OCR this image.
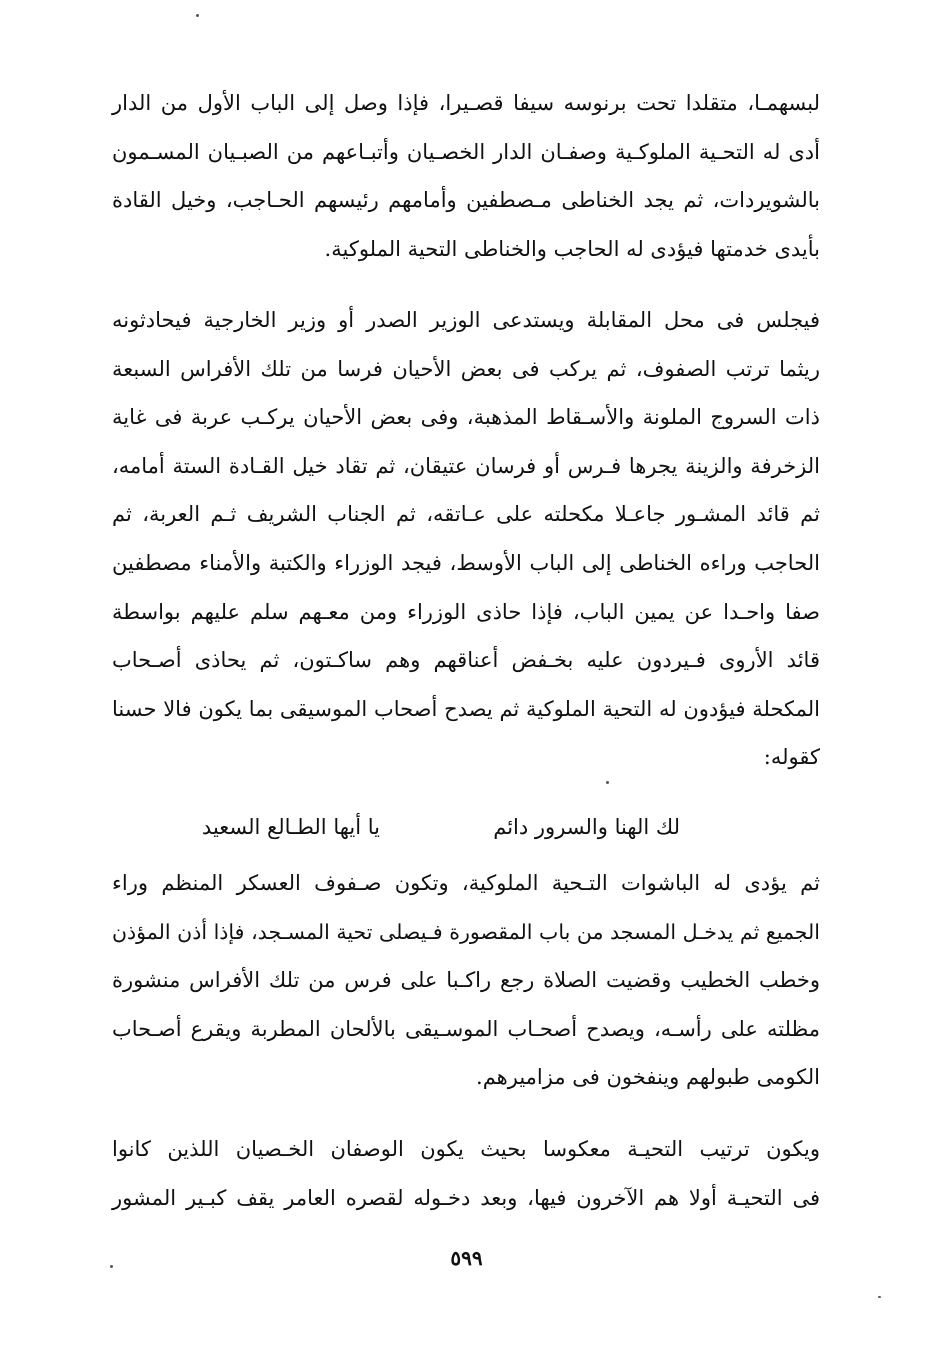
لبسهمـا، متقلدا تحت برنوسه سيفا قصـيرا، فإذا وصل إلى الباب الأول من الدار
أدى له التحـية الملوكـية وصفـان الدار الخصـيان وأتبـاعهم من الصبـيان المسـمون
بالشويردات، ثم يجد الخناطى مـصطفين وأمامهم رئيسهم الحـاجب، وخيل القادة
بأيدى خدمتها فيؤدى له الحاجب والخناطى التحية الملوكية.
فيجلس فى محل المقابلة ويستدعى الوزير الصدر أو وزير الخارجية فيحادثونه
ريثما ترتب الصفوف، ثم يركب فى بعض الأحيان فرسا من تلك الأفراس السبعة
ذات السروج الملونة والأسـقاط المذهبة، وفى بعض الأحيان يركـب عربة فى غاية
الزخرفة والزينة يجرها فـرس أو فرسان عتيقان، ثم تقاد خيل القـادة الستة أمامه،
ثم قائد المشـور جاعـلا مكحلته على عـاتقه، ثم الجناب الشريف ثـم العربة، ثم
الحاجب وراءه الخناطى إلى الباب الأوسط، فيجد الوزراء والكتبة والأمناء مصطفين
صفا واحـدا عن يمين الباب، فإذا حاذى الوزراء ومن معـهم سلم عليهم بواسطة
قائد الأروى فـيردون عليه بخـفض أعناقهم وهم ساكـتون، ثم يحاذى أصـحاب
المكحلة فيؤدون له التحية الملوكية ثم يصدح أصحاب الموسيقى بما يكون فالا حسنا
كقوله:
لك الهنا والسرور دائم
يا أيها الطـالع السعيد
ثم يؤدى له الباشوات التـحية الملوكية، وتكون صـفوف العسكر المنظم وراء
الجميع ثم يدخـل المسجد من باب المقصورة فـيصلى تحية المسـجد، فإذا أذن المؤذن
وخطب الخطيب وقضيت الصلاة رجع راكـبا على فرس من تلك الأفراس منشورة
مظلته على رأسـه، ويصدح أصحـاب الموسـيقى بالألحان المطربة ويقرع أصـحاب
الكومى طبولهم وينفخون فى مزاميرهم.
ويكون ترتيب التحيـة معكوسا بحيث يكون الوصفان الخـصيان اللذين كانوا
فى التحيـة أولا هم الآخرون فيها، وبعد دخـوله لقصره العامر يقف كبـير المشور
٥٩٩
